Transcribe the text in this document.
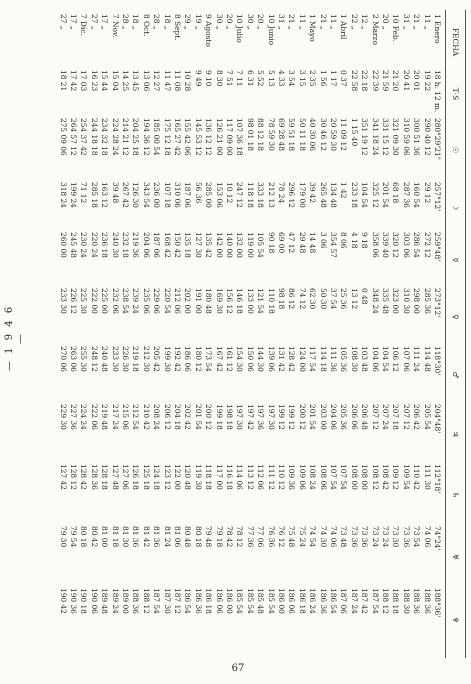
— 1 9 4 6 —
FECHA
T·S
☉
☽
☿
♀
♂
♃
♄
♅
♆
1 Enero
18 h. 12 m.
280°29'21"
257°12'
259°48'
273°12'
118°30'
204°48'
112°18'
74°24'
188°36'
11 „
19 22
290 40 12
29 12
272 12
285 36
114 48
205 54
111 30
74 06
188 36
21 „
20 01
300 51 36
160 54
286 54
298 00
111 24
206 42
110 42
73 54
188 36
31 „
20 41
310 59 06
287 36
303 06
310 30
107 06
207 12
109 54
73 36
188 30
10 Feb.
21 20
321 09 30
68 18
320 12
323 00
106 12
207 18
109 12
73 30
188 18
20 „
21 59
331 15 12
201 54
339 40
335 48
104 54
207 24
108 42
73 24
188 12
2 Marzo
22 39
341 18 24
325 12
358 06
348 24
104 06
207 12
108 12
73 24
187 54
12 „
22 18
351 19 12
104 54
9 18
0 48
103 48
206 48
108 00
73 36
187 42
22 „
22 58
1 15 40
233 18
4 18
13 12
108 30
206 06
108 00
73 36
187 24
1 Abril
0 37
11 09 12
1 42
8 06
25 36
105 36
205 36
107 54
73 48
187 06
11 „
1 17
20 59 30
134 48
354 57
37 54
111 36
204 06
107 54
74 06
186 54
21 „
1 56
30 46 12
265 48
3 06
50 30
114 18
203 00
108 06
74 30
186 36
1 Mayo
2 35
40 30 06
39 42
14 48
62 30
117 54
201 54
108 24
74 54
186 24
11 „
3 15
50 11 18
179 00
29 48
74 12
124 00
200 12
109 06
75 24
186 18
21 „
3 54
59 51 18
296 12
47 12
86 12
128 42
199 12
109 36
75 48
186 06
31 „
4 33
69 28 48
78 24
69 00
98 18
131 42
199 12
110 12
76 12
186 00
10 Junio
5 13
78 59 30
212 13
90 18
110 18
139 06
197 30
111 12
76 36
185 54
20 „
5 52
88 12 18
333 18
105 54
121 54
144 30
197 36
112 06
77 06
185 48
30 „
6 31
98 01 18
118 18
119 00
133 00
150 06
197 42
113 12
77 36
185 54
10 Julio
7 11
107 36 18
247 12
132 00
146 18
154 30
197 30
114 06
78 12
185 54
20 „
7 51
117 09 00
10 12
140 00
156 12
161 12
198 18
116 18
78 42
186 00
30 „
8 30
126 21 00
153 06
142 00
169 30
167 42
199 18
117 00
79 18
186 06
9 Agosto
9 10
136 12 12
285 00
135 42
180 48
173 54
200 12
118 18
79 48
186 18
19 „
9 49
145 53 12
56 36
127 30
191 00
180 12
201 54
119 30
80 18
186 36
29 „
10 28
155 42 06
187 06
135 18
202 00
186 06
202 42
120 48
80 48
186 54
8 Sept.
11 08
165 27 42
310 06
150 42
212 06
192 42
204 18
122 00
81 06
187 12
18 „
11 47
175 12 18
107 18
168 42
220 54
199 30
206 12
123 12
81 24
187 30
28 „
12 27
185 00 54
236 00
187 06
229 06
205 42
208 24
124 18
81 36
187 54
8 Oct.
13 06
194 36 12
343 54
204 06
235 06
212 30
210 42
125 18
81 42
188 12
18 „
13 45
204 25 18
126 30
219 36
239 24
219 18
212 54
126 18
81 36
188 36
28 „
14 25
214 21 12
267 42
232 18
238 54
226 30
215 06
127 06
81 30
189 00
7 Nov.
15 04
224 28 24
39 48
240 30
232 06
233 30
217 24
127 48
81 18
189 24
17 „
15 44
234 32 18
163 12
236 18
225 00
240 48
219 48
128 18
81 00
189 48
27 „
16 23
244 18 18
285 18
220 24
222 00
248 12
222 06
128 36
80 42
190 06
7 Dic.
17 03
254 37 42
71 12
230 24
225 30
255 30
224 24
128 42
80 18
190 18
17 „
17 42
264 57 12
199 24
245 48
226 12
263 06
227 36
128 12
79 54
190 36
27 „
18 21
275 09 06
318 24
260 00
233 30
270 06
229 30
127 42
79 30
190 42
67
